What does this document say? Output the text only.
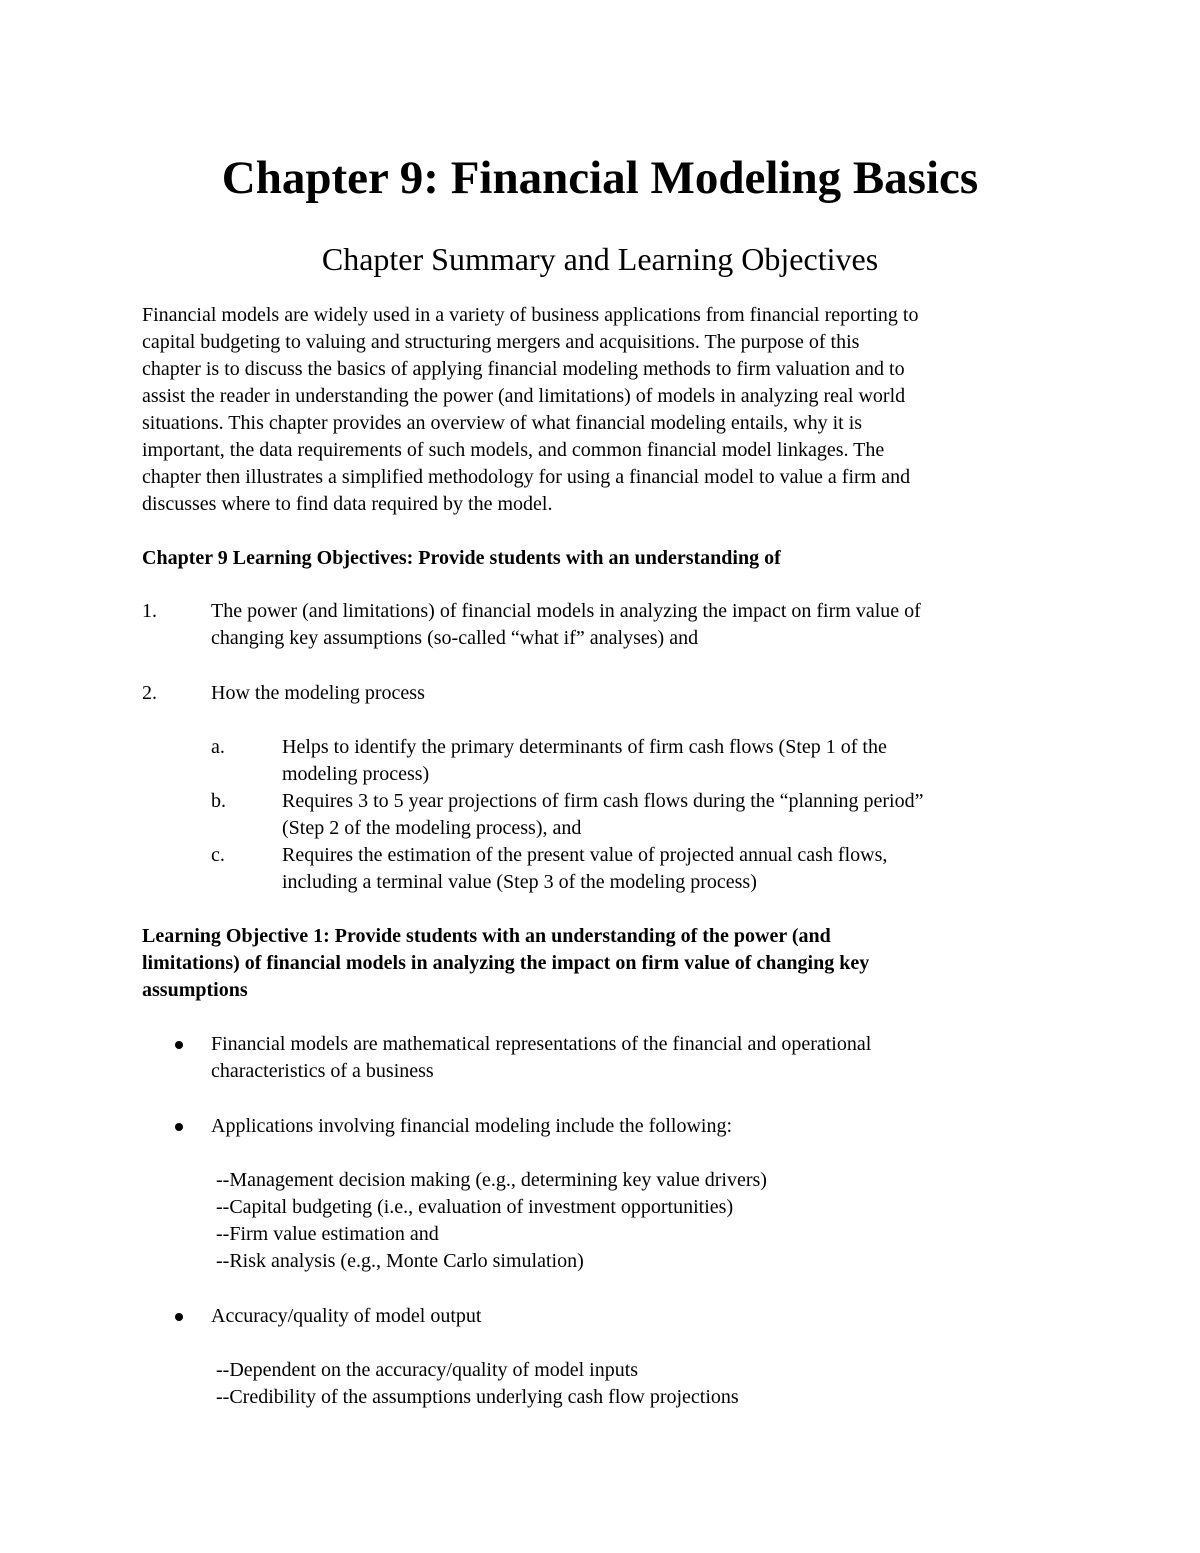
Chapter 9: Financial Modeling Basics
Chapter Summary and Learning Objectives
Financial models are widely used in a variety of business applications from financial reporting to
capital budgeting to valuing and structuring mergers and acquisitions. The purpose of this
chapter is to discuss the basics of applying financial modeling methods to firm valuation and to
assist the reader in understanding the power (and limitations) of models in analyzing real world
situations. This chapter provides an overview of what financial modeling entails, why it is
important, the data requirements of such models, and common financial model linkages. The
chapter then illustrates a simplified methodology for using a financial model to value a firm and
discusses where to find data required by the model.
Chapter 9 Learning Objectives: Provide students with an understanding of
1.	The power (and limitations) of financial models in analyzing the impact on firm value of
changing key assumptions (so-called “what if” analyses) and
2.	How the modeling process
a.	Helps to identify the primary determinants of firm cash flows (Step 1 of the
modeling process)
b.	Requires 3 to 5 year projections of firm cash flows during the “planning period”
(Step 2 of the modeling process), and
c.	Requires the estimation of the present value of projected annual cash flows,
including a terminal value (Step 3 of the modeling process)
Learning Objective 1: Provide students with an understanding of the power (and
limitations) of financial models in analyzing the impact on firm value of changing key
assumptions
Financial models are mathematical representations of the financial and operational
characteristics of a business
Applications involving financial modeling include the following:
--Management decision making (e.g., determining key value drivers)
--Capital budgeting (i.e., evaluation of investment opportunities)
--Firm value estimation and
--Risk analysis (e.g., Monte Carlo simulation)
Accuracy/quality of model output
--Dependent on the accuracy/quality of model inputs
--Credibility of the assumptions underlying cash flow projections
